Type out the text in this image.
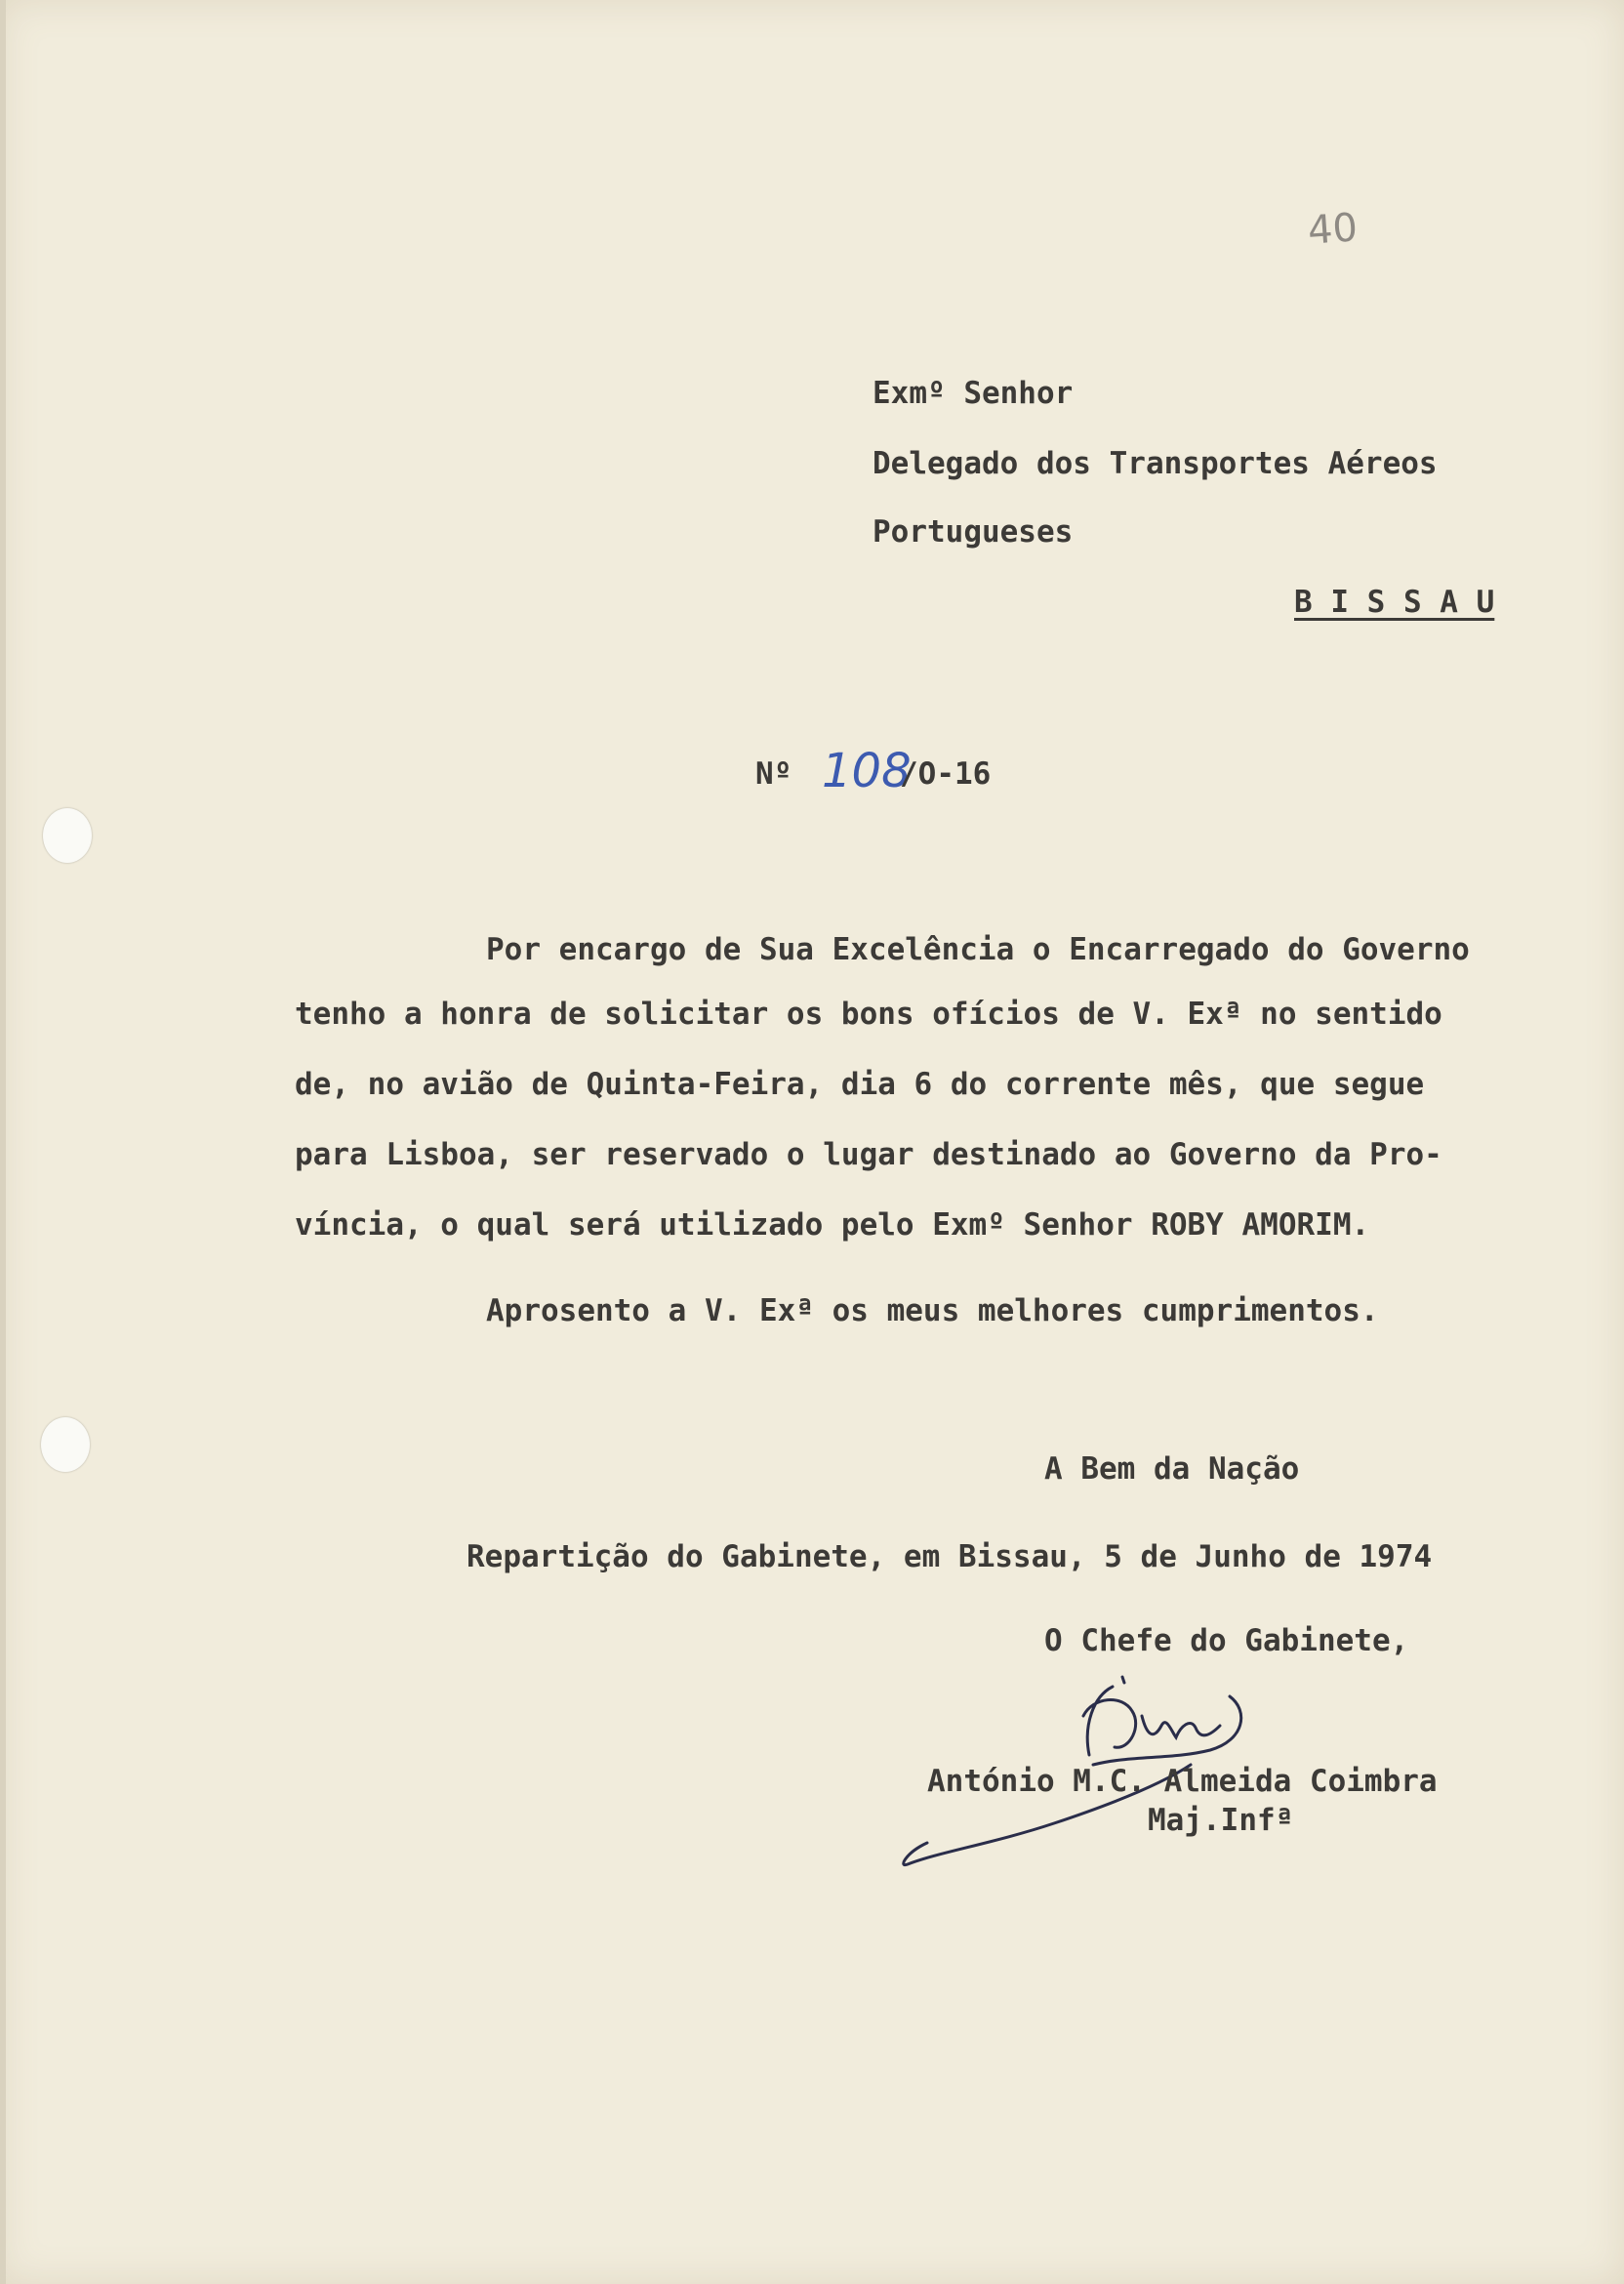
40

Exmº Senhor

Delegado dos Transportes Aéreos

Portugueses

B I S S A U

Nº 108
/O-16

Por encargo de Sua Excelência o Encarregado do Governo

tenho a honra de solicitar os bons ofícios de V. Exª no sentido

de, no avião de Quinta-Feira, dia 6 do corrente mês, que segue

para Lisboa, ser reservado o lugar destinado ao Governo da Pro-

víncia, o qual será utilizado pelo Exmº Senhor ROBY AMORIM.

Aprosento a V. Exª os meus melhores cumprimentos.

A Bem da Nação

Repartição do Gabinete, em Bissau, 5 de Junho de 1974

O Chefe do Gabinete,

António M.C. Almeida Coimbra

Maj.Infª
